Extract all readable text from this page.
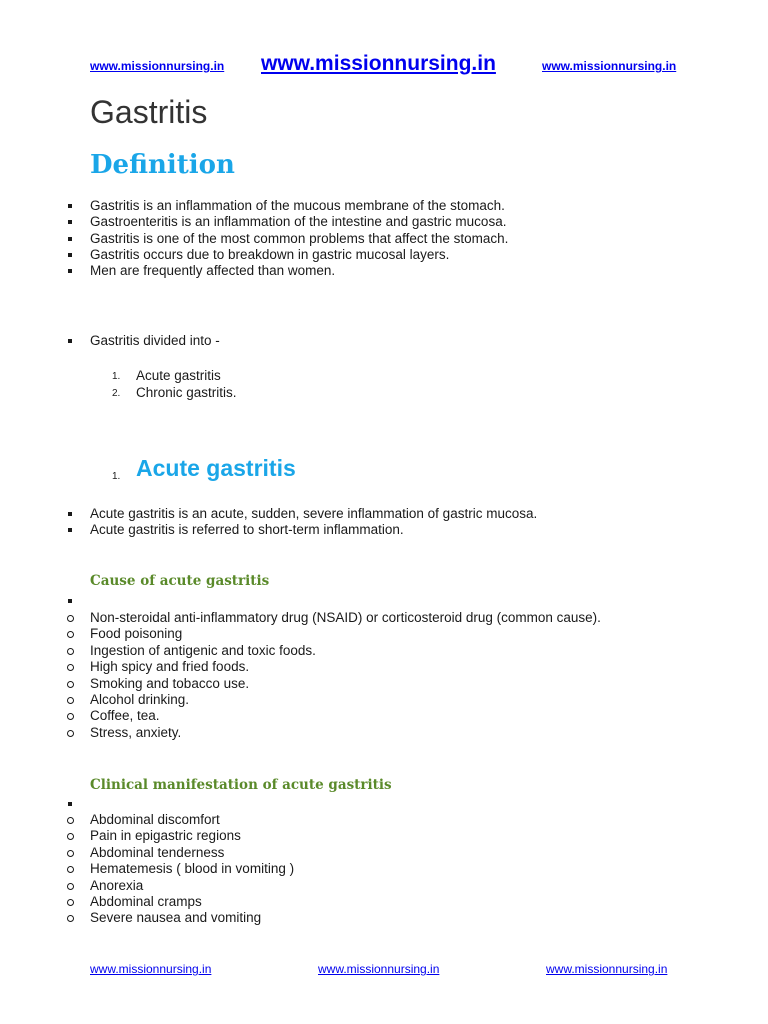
www.missionnursing.in www.missionnursing.in	www.missionnursing.in
Gastritis
Definition
Gastritis is an inflammation of the mucous membrane of the stomach.
Gastroenteritis is an inflammation of the intestine and gastric mucosa.
Gastritis is one of the most common problems that affect the stomach.
Gastritis occurs due to breakdown in gastric mucosal layers.
Men are frequently affected than women.
Gastritis divided into -
1. Acute gastritis
2. Chronic gastritis.
1. Acute gastritis
Acute gastritis is an acute, sudden, severe inflammation of gastric mucosa.
Acute gastritis is referred to short-term inflammation.
Cause of acute gastritis
Non-steroidal anti-inflammatory drug (NSAID) or corticosteroid drug (common cause).
Food poisoning
Ingestion of antigenic and toxic foods.
High spicy and fried foods.
Smoking and tobacco use.
Alcohol drinking.
Coffee, tea.
Stress, anxiety.
Clinical manifestation of acute gastritis
Abdominal discomfort
Pain in epigastric regions
Abdominal tenderness
Hematemesis ( blood in vomiting )
Anorexia
Abdominal cramps
Severe nausea and vomiting
www.missionnursing.in	www.missionnursing.in	www.missionnursing.in
